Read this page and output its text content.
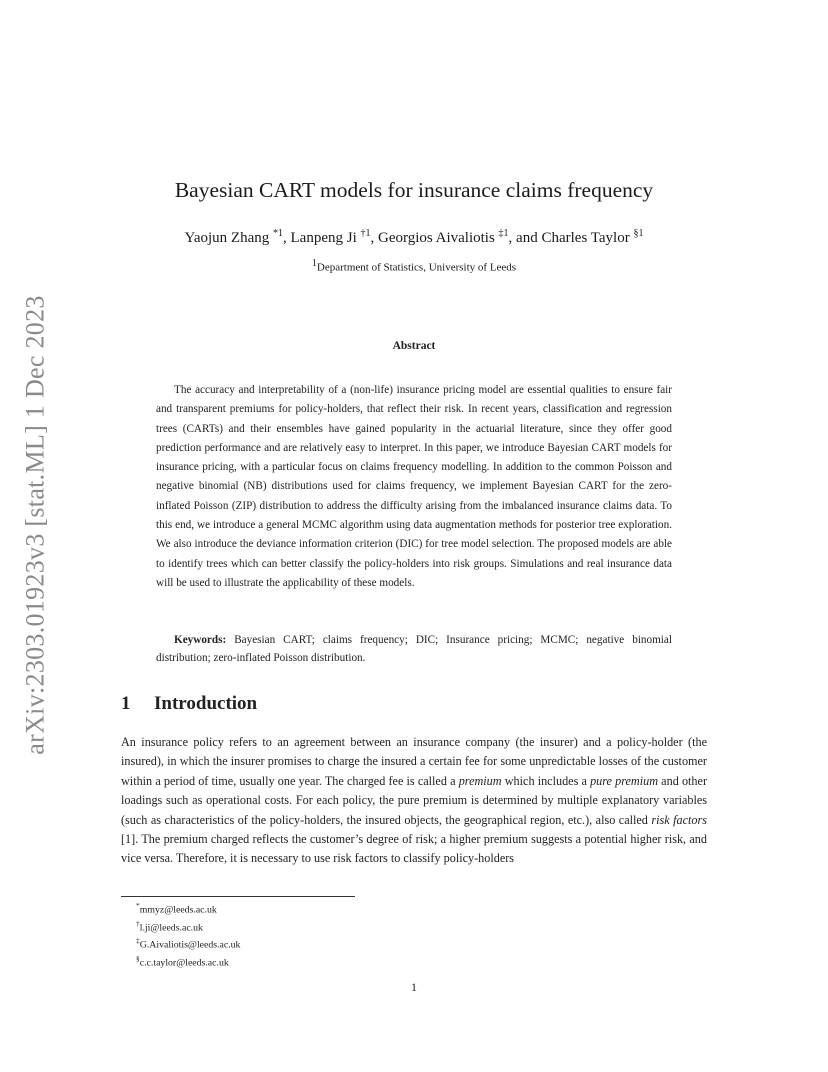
arXiv:2303.01923v3 [stat.ML] 1 Dec 2023
Bayesian CART models for insurance claims frequency
Yaojun Zhang $^{*1}$, Lanpeng Ji $^{\dagger 1}$, Georgios Aivaliotis $^{\ddagger 1}$, and Charles Taylor $^{\S 1}$
$^1$Department of Statistics, University of Leeds
Abstract

The accuracy and interpretability of a (non-life) insurance pricing model are essential qualities to ensure fair and transparent premiums for policy-holders, that reflect their risk. In recent years, classification and regression trees (CARTs) and their ensembles have gained popularity in the actuarial literature, since they offer good prediction performance and are relatively easy to interpret. In this paper, we introduce Bayesian CART models for insurance pricing, with a particular focus on claims frequency modelling. In addition to the common Poisson and negative binomial (NB) distributions used for claims frequency, we implement Bayesian CART for the zero-inflated Poisson (ZIP) distribution to address the difficulty arising from the imbalanced insurance claims data. To this end, we introduce a general MCMC algorithm using data augmentation methods for posterior tree exploration. We also introduce the deviance information criterion (DIC) for tree model selection. The proposed models are able to identify trees which can better classify the policy-holders into risk groups. Simulations and real insurance data will be used to illustrate the applicability of these models.

Keywords: Bayesian CART; claims frequency; DIC; Insurance pricing; MCMC; negative binomial distribution; zero-inflated Poisson distribution.

1 Introduction

An insurance policy refers to an agreement between an insurance company (the insurer) and a policy-holder (the insured), in which the insurer promises to charge the insured a certain fee for some unpredictable losses of the customer within a period of time, usually one year. The charged fee is called a premium which includes a pure premium and other loadings such as operational costs. For each policy, the pure premium is determined by multiple explanatory variables (such as characteristics of the policy-holders, the insured objects, the geographical region, etc.), also called risk factors [1]. The premium charged reflects the customer’s degree of risk; a higher premium suggests a potential higher risk, and vice versa. Therefore, it is necessary to use risk factors to classify policy-holders

*mmyz@leeds.ac.uk
†l.ji@leeds.ac.uk
‡G.Aivaliotis@leeds.ac.uk
§c.c.taylor@leeds.ac.uk
1
